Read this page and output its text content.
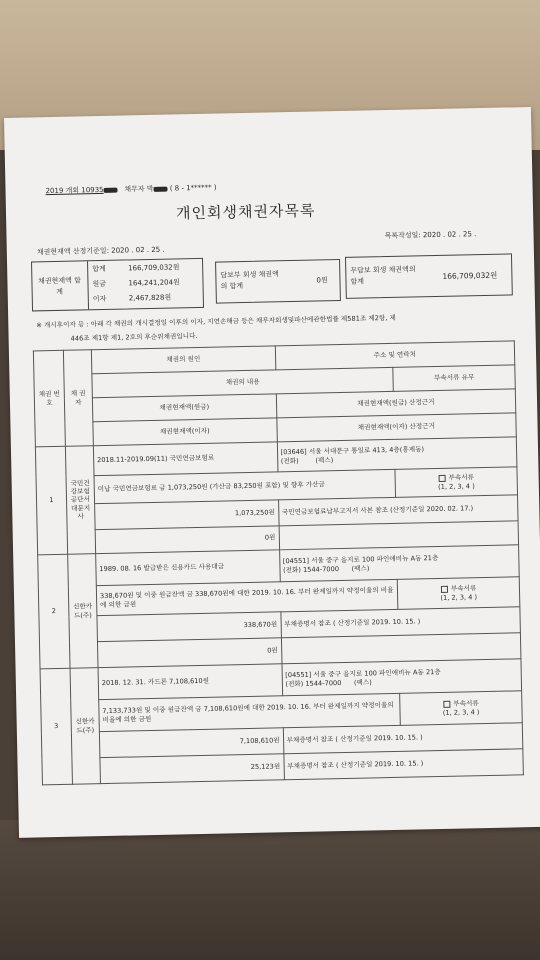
2019 개회 10935	채무자 박 ( 8 - 1****** )
개인회생채권자목록
채권현재액 산정기준일: 2020 . 02 . 25 .
목록작성일: 2020 . 02 . 25 .
채권현재액 합 계
합계	166,709,032원
원금	164,241,204원
이자	2,467,828원
담보부 회생 채권액의 합계
0원
무담보 회생 채권액의 합계
166,709,032원
※ 개시후이자 등 : 아래 각 채권의 개시결정일 이후의 이자, 지연손해금 등은 채무자회생및파산에관한법률 제581조 제2항, 제
446조 제1항 제1, 2호의 후순위채권입니다.
채권 번호	채 권 자	채권의 원인	주소 및 연락처	
		채권의 내용		부속서류 유무
		채권현재액(원금)	채권현재액(원금) 산정근거	
		채권현재액(이자)	채권현재액(이자) 산정근거	
1	국민건강보험공단서대문지사	2018.11-2019.09(11) 국민연금보험료	[03646] 서울 서대문구 통일로 413, 4층(홍제동)
(전화) (팩스)	
		미납 국민연금보험료 금 1,073,250원 (가산금 83,250원 포함) 및 향후 가산금		부속서류
(1, 2, 3, 4 )
		1,073,250원	국민연금보험료납부고지서 사본 참조 (산정기준일 2020. 02. 17.)	
		0원		
2	신한카드(주)	1989. 08. 16 발급받은 신용카드 사용대금	[04551] 서울 중구 을지로 100 파인애비뉴 A동 21층
(전화) 1544-7000 (팩스)	
		338,670원 및 이중 원금잔액 금 338,670원에 대한 2019. 10. 16. 부터 완제일까지 약정이율의 비율에 의한 금원		부속서류
(1, 2, 3, 4 )
		338,670원	부채증명서 참조 ( 산정기준일 2019. 10. 15. )	
		0원		
3	신한카드(주)	2018. 12. 31. 카드론 7,108,610원	[04551] 서울 중구 을지로 100 파인애비뉴 A동 21층
(전화) 1544-7000 (팩스)	
		7,133,733원 및 이중 원금잔액 금 7,108,610원에 대한 2019. 10. 16. 부터 완제일까지 약정이율의 비율에 의한 금원		부속서류
(1, 2, 3, 4 )
		7,108,610원	부채증명서 참조 ( 산정기준일 2019. 10. 15. )	
		25,123원	부채증명서 참조 ( 산정기준일 2019. 10. 15. )	
